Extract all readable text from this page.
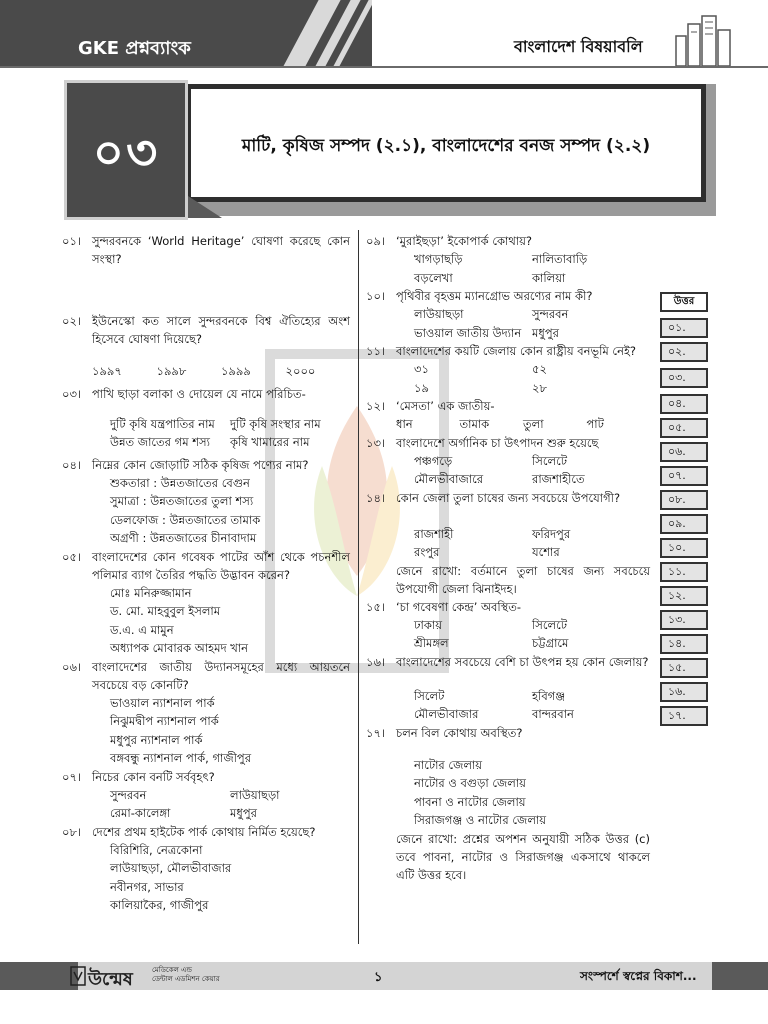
GKE প্রশ্নব্যাংক	বাংলাদেশ বিষয়াবলি
মাটি, কৃষিজ সম্পদ (২.১), বাংলাদেশের বনজ সম্পদ (২.২)
০৩

০১। সুন্দরবনকে ‘World Heritage’ ঘোষণা করেছে কোন সংস্থা?

০২। ইউনেস্কো কত সালে সুন্দরবনকে বিশ্ব ঐতিহ্যের অংশ হিসেবে ঘোষণা দিয়েছে?

১৯৯৭	১৯৯৮	১৯৯৯	২০০০

০৩। পাখি ছাড়া বলাকা ও দোয়েল যে নামে পরিচিত-

দুটি কৃষি যন্ত্রপাতির নাম	দুটি কৃষি সংস্থার নাম
উন্নত জাতের গম শস্য	কৃষি খামারের নাম

০৪। নিম্নের কোন জোড়াটি সঠিক কৃষিজ পণ্যের নাম?

শুকতারা : উন্নতজাতের বেগুন
সুমাত্রা : উন্নতজাতের তুলা শস্য
ডেলফোজ : উন্নতজাতের তামাক
অগ্রণী : উন্নতজাতের চীনাবাদাম

০৫। বাংলাদেশের কোন গবেষক পাটের আঁশ থেকে পচনশীল পলিমার ব্যাগ তৈরির পদ্ধতি উদ্ভাবন করেন?

মোঃ মনিরুজ্জামান
ড. মো. মাহবুবুল ইসলাম
ড.এ. এ মামুন
অধ্যাপক মোবারক আহমদ খান

০৬। বাংলাদেশের জাতীয় উদ্যানসমূহের মধ্যে আয়তনে সবচেয়ে বড় কোনটি?

ভাওয়াল ন্যাশনাল পার্ক
নিঝুমদ্বীপ ন্যাশনাল পার্ক
মধুপুর ন্যাশনাল পার্ক
বঙ্গবন্ধু ন্যাশনাল পার্ক, গাজীপুর

০৭। নিচের কোন বনটি সর্ববৃহৎ?

সুন্দরবন	লাউয়াছড়া
রেমা-কালেঙ্গা	মধুপুর

০৮। দেশের প্রথম হাইটেক পার্ক কোথায় নির্মিত হয়েছে?

বিরিশিরি, নেত্রকোনা
লাউয়াছড়া, মৌলভীবাজার
নবীনগর, সাভার
কালিয়াকৈর, গাজীপুর

০৯। ‘মুরাইছড়া’ ইকোপার্ক কোথায়?

খাগড়াছড়ি	নালিতাবাড়ি
বড়লেখা	কালিয়া

১০। পৃথিবীর বৃহত্তম ম্যানগ্রোভ অরণ্যের নাম কী?

লাউয়াছড়া	সুন্দরবন
ভাওয়াল জাতীয় উদ্যান মধুপুর

১১। বাংলাদেশের কয়টি জেলায় কোন রাষ্ট্রীয় বনভূমি নেই?

৩১	৫২
১৯	২৮

১২। ‘মেসতা’ এক জাতীয়-

ধান	তামাক	তুলা	পাট

১৩। বাংলাদেশে অর্গানিক চা উৎপাদন শুরু হয়েছে

পঞ্চগড়ে	সিলেটে
মৌলভীবাজারে	রাজশাহীতে

১৪। কোন জেলা তুলা চাষের জন্য সবচেয়ে উপযোগী?

রাজশাহী	ফরিদপুর
রংপুর	যশোর

জেনে রাখো: বর্তমানে তুলা চাষের জন্য সবচেয়ে উপযোগী জেলা ঝিনাইদহ।

১৫। ‘চা গবেষণা কেন্দ্র’ অবস্থিত-

ঢাকায়	সিলেটে
শ্রীমঙ্গল	চট্টগ্রামে

১৬। বাংলাদেশের সবচেয়ে বেশি চা উৎপন্ন হয় কোন জেলায়?

সিলেট	হবিগঞ্জ
মৌলভীবাজার	বান্দরবান

১৭। চলন বিল কোথায় অবস্থিত?

নাটোর জেলায়
নাটোর ও বগুড়া জেলায়
পাবনা ও নাটোর জেলায়
সিরাজগঞ্জ ও নাটোর জেলায়

জেনে রাখো: প্রশ্নের অপশন অনুযায়ী সঠিক উত্তর (c) তবে পাবনা, নাটোর ও সিরাজগঞ্জ একসাথে থাকলে এটি উত্তর হবে।

উত্তর
০১.
০২.
০৩.
০৪.
০৫.
০৬.
০৭.
০৮.
০৯.
১০.
১১.
১২.
১৩.
১৪.
১৫.
১৬.
১৭.
উন্মেষ	মেডিকেল এন্ড
ডেন্টাল এডমিশন কেয়ার	১	সংস্পর্শে স্বপ্নের বিকাশ...
